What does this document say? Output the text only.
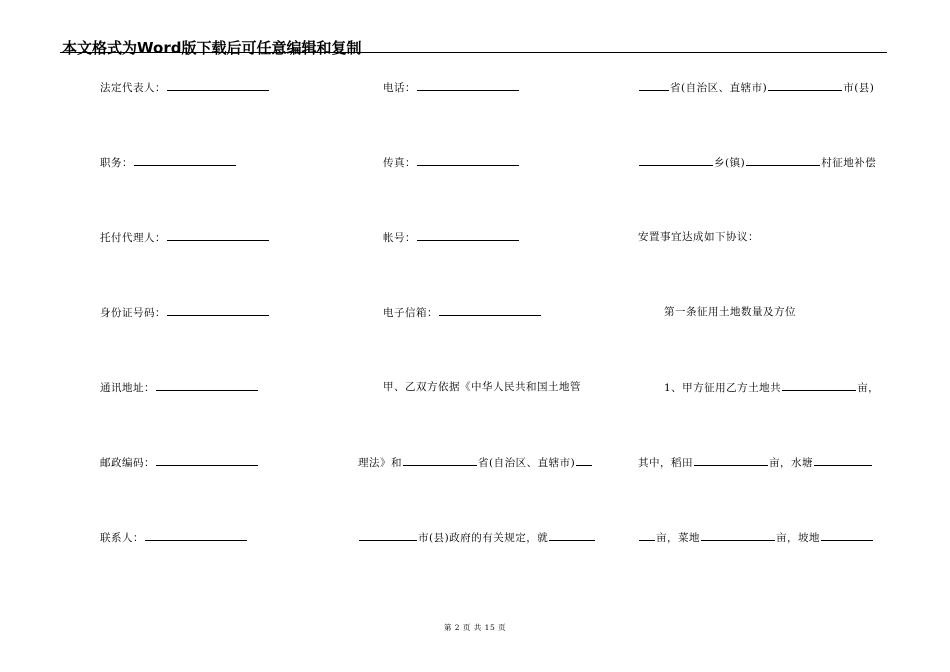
本文格式为Word版下载后可任意编辑和复制
法定代表人：
职务：
托付代理人：
身份证号码：
通讯地址：
邮政编码：
联系人：
电话：
传真：
帐号：
电子信箱：
甲、乙双方依据《中华人民共和国土地管
理法》和	省(自治区、直辖市)
市(县)政府的有关规定，就
省(自治区、直辖市)	市(县)
乡(镇)	村征地补偿
安置事宜达成如下协议：
第一条征用土地数量及方位
1、甲方征用乙方土地共	亩，
其中，稻田	亩，水塘
亩，菜地	亩，坡地
第 2 页 共 15 页
